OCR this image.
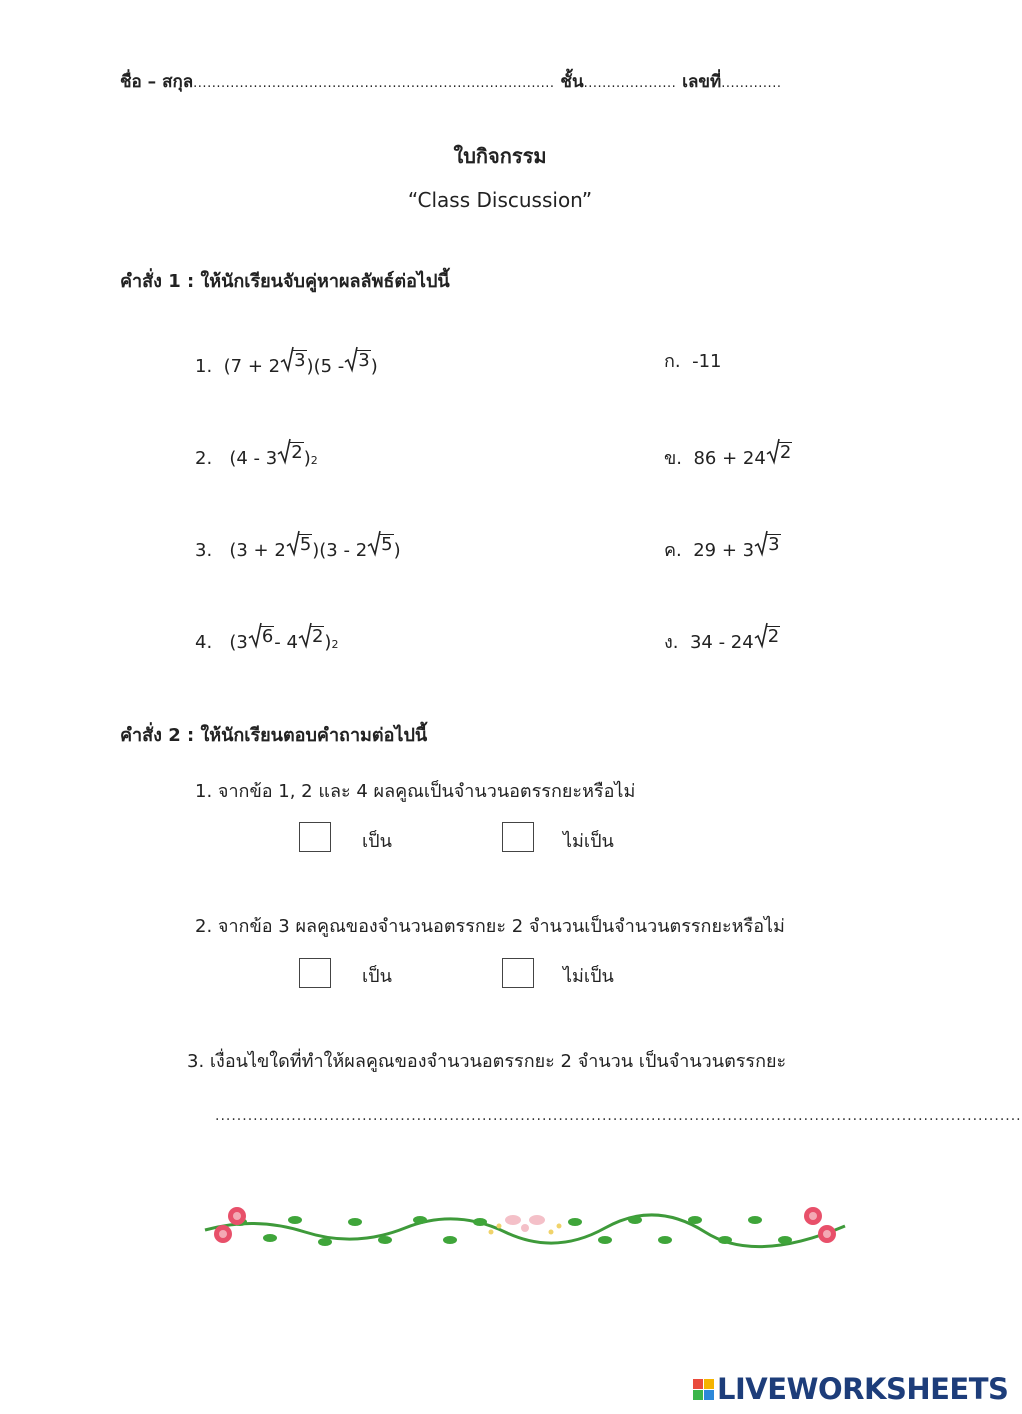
ชื่อ – สกุล.............................................................................. ชั้น.................... เลขที่.............
ใบกิจกรรม
“Class Discussion”
คำสั่ง 1 : ให้นักเรียนจับคู่หาผลลัพธ์ต่อไปนี้
1.
(7 + 2 3 )(5 - 3 )
2.
(4 - 3 2 ) 2
3.
(3 + 2 5 )(3 - 2 5 )
4.
(3 6 - 4 2 ) 2
ก.
-11
ข.
86 + 24 2
ค.
29 + 3 3
ง.
34 - 24 2
คำสั่ง 2 : ให้นักเรียนตอบคำถามต่อไปนี้
1. จากข้อ 1, 2 และ 4 ผลคูณเป็นจำนวนอตรรกยะหรือไม่
เป็น	ไม่เป็น
2. จากข้อ 3 ผลคูณของจำนวนอตรรกยะ 2 จำนวนเป็นจำนวนตรรกยะหรือไม่
เป็น	ไม่เป็น
3. เงื่อนไขใดที่ทำให้ผลคูณของจำนวนอตรรกยะ 2 จำนวน เป็นจำนวนตรรกยะ
....................................................................................................................................................
LIVEWORKSHEETS
